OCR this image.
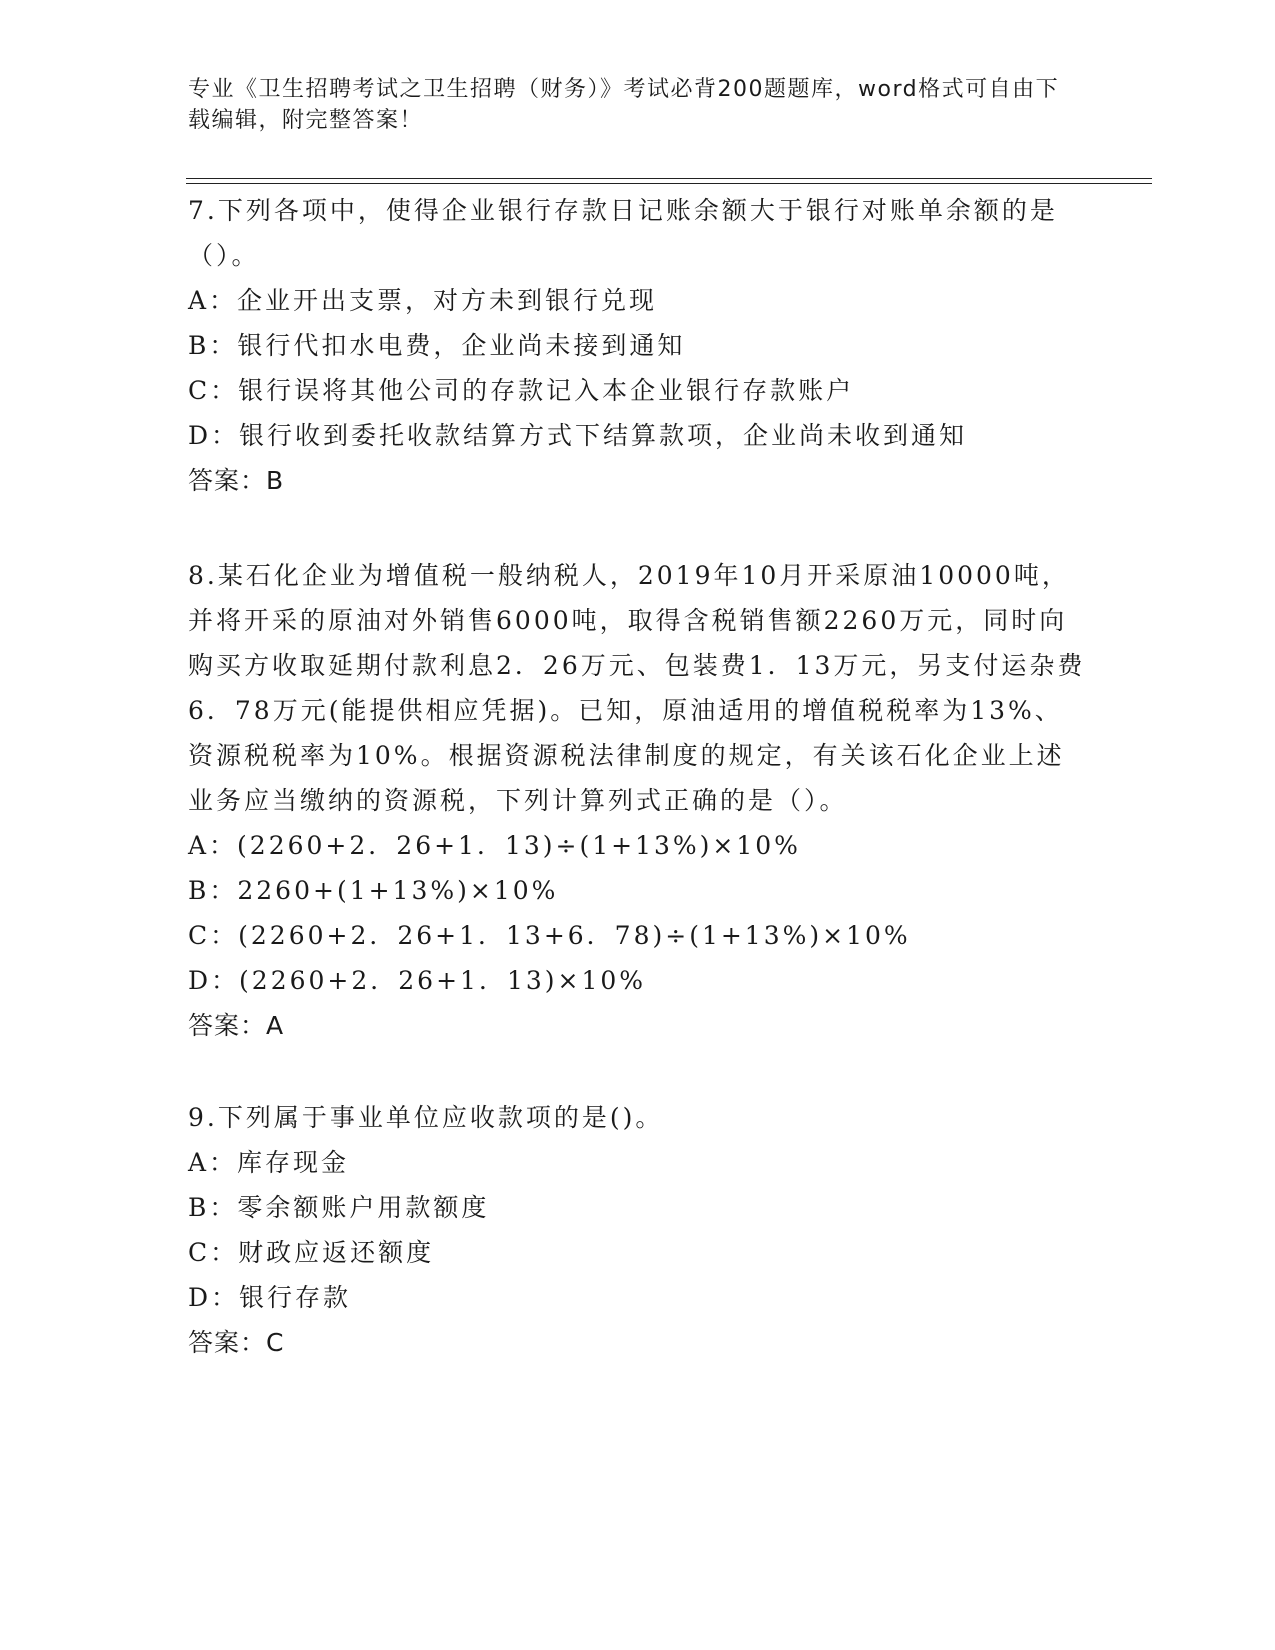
专业《卫生招聘考试之卫生招聘（财务）》考试必背200题题库，word格式可自由下载编辑，附完整答案！

7.下列各项中，使得企业银行存款日记账余额大于银行对账单余额的是（）。

A：企业开出支票，对方未到银行兑现

B：银行代扣水电费，企业尚未接到通知

C：银行误将其他公司的存款记入本企业银行存款账户

D：银行收到委托收款结算方式下结算款项，企业尚未收到通知

答案：B

8.某石化企业为增值税一般纳税人，2019年10月开采原油10000吨，并将开采的原油对外销售6000吨，取得含税销售额2260万元，同时向购买方收取延期付款利息2．26万元、包装费1．13万元，另支付运杂费6．78万元(能提供相应凭据)。已知，原油适用的增值税税率为13%、资源税税率为10%。根据资源税法律制度的规定，有关该石化企业上述业务应当缴纳的资源税，下列计算列式正确的是（）。

A：(2260+2．26+1．13)÷(1+13%)×10%

B：2260+(1+13%)×10%

C：(2260+2．26+1．13+6．78)÷(1+13%)×10%

D：(2260+2．26+1．13)×10%

答案：A

9.下列属于事业单位应收款项的是()。

A：库存现金

B：零余额账户用款额度

C：财政应返还额度

D：银行存款

答案：C
